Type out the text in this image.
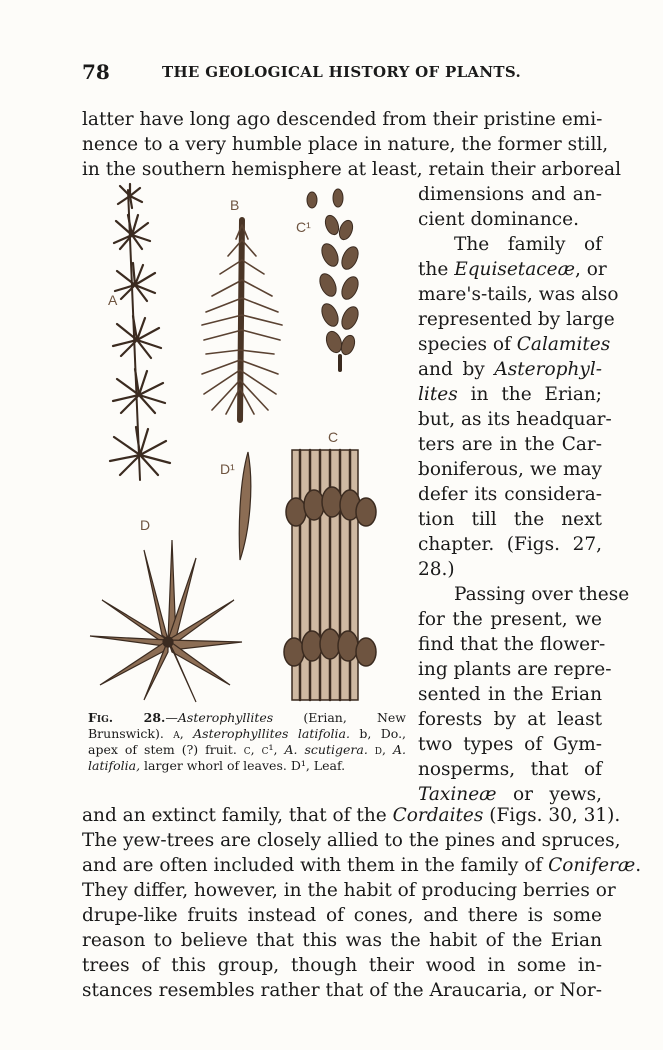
78	THE GEOLOGICAL HISTORY OF PLANTS.
latter have long ago descended from their pristine emi-
nence to a very humble place in nature, the former still,
in the southern hemisphere at least, retain their arboreal
dimensions and an-
cient dominance.
The family of
the Equisetaceæ, or
mare's-tails, was also
represented by large
species of Calamites
and by Asterophyl-
lites in the Erian;
but, as its headquar-
ters are in the Car-
boniferous, we may
defer its considera-
tion till the next
chapter. (Figs. 27,
28.)
Passing over these
for the present, we
find that the flower-
ing plants are repre-
sented in the Erian
forests by at least
two types of Gym-
nosperms, that of
Taxineæ or yews,
and an extinct family, that of the Cordaites (Figs. 30, 31).
The yew-trees are closely allied to the pines and spruces,
and are often included with them in the family of Coniferæ.
They differ, however, in the habit of producing berries or
drupe-like fruits instead of cones, and there is some
reason to believe that this was the habit of the Erian
trees of this group, though their wood in some in-
stances resembles rather that of the Araucaria, or Nor-
A
B
C¹
C
D¹
D
Fig. 28.—Asterophyllites (Erian, New Brunswick). a, Asterophyllites latifolia. b, Do., apex of stem (?) fruit. c, c¹, A. scutigera. d, A. latifolia, larger whorl of leaves. D¹, Leaf.
